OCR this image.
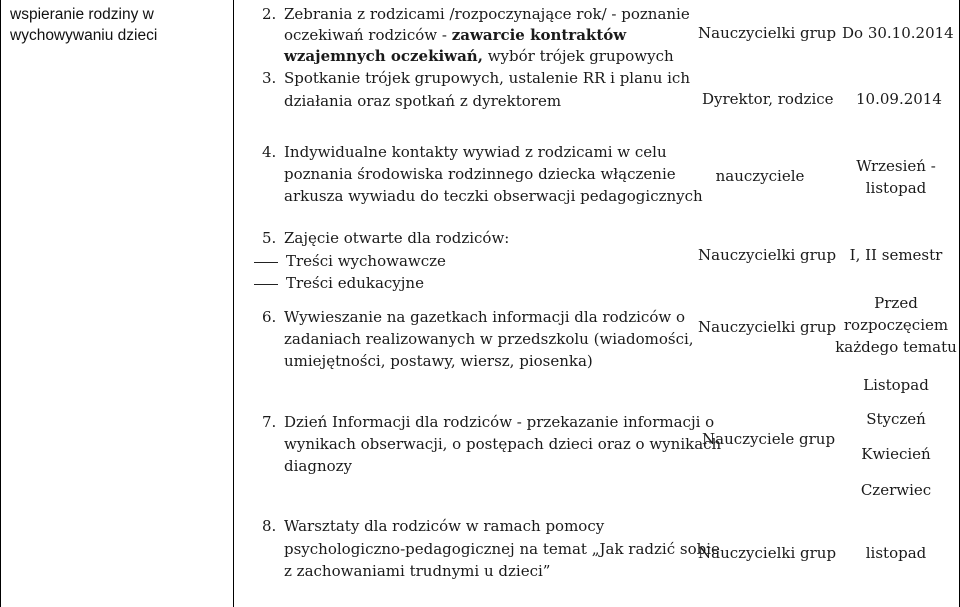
wspieranie rodziny w
wychowywaniu dzieci
2. Zebrania z rodzicami /rozpoczynające rok/ - poznanie
oczekiwań rodziców - zawarcie kontraktów
wzajemnych oczekiwań, wybór trójek grupowych
Nauczycielki grup Do 30.10.2014
3. Spotkanie trójek grupowych, ustalenie RR i planu ich
działania oraz spotkań z dyrektorem	Dyrektor, rodzice 10.09.2014
4. Indywidualne kontakty wywiad z rodzicami w celu
poznania środowiska rodzinnego dziecka włączenie
arkusza wywiadu do teczki obserwacji pedagogicznych
nauczyciele
Wrzesień -
listopad
5. Zajęcie otwarte dla rodziców:
Treści wychowawcze
Treści edukacyjne
Nauczycielki grup I, II semestr
6. Wywieszanie na gazetkach informacji dla rodziców o
zadaniach realizowanych w przedszkolu (wiadomości,
umiejętności, postawy, wiersz, piosenka)
Nauczycielki grup
Przed
rozpoczęciem
każdego tematu
Listopad
7. Dzień Informacji dla rodziców - przekazanie informacji o
wynikach obserwacji, o postępach dzieci oraz o wynikach
diagnozy
Nauczyciele grup
Styczeń
Kwiecień
Czerwiec
8. Warsztaty dla rodziców w ramach pomocy
psychologiczno-pedagogicznej na temat „Jak radzić sobie
z zachowaniami trudnymi u dzieci”
Nauczycielki grup	listopad
